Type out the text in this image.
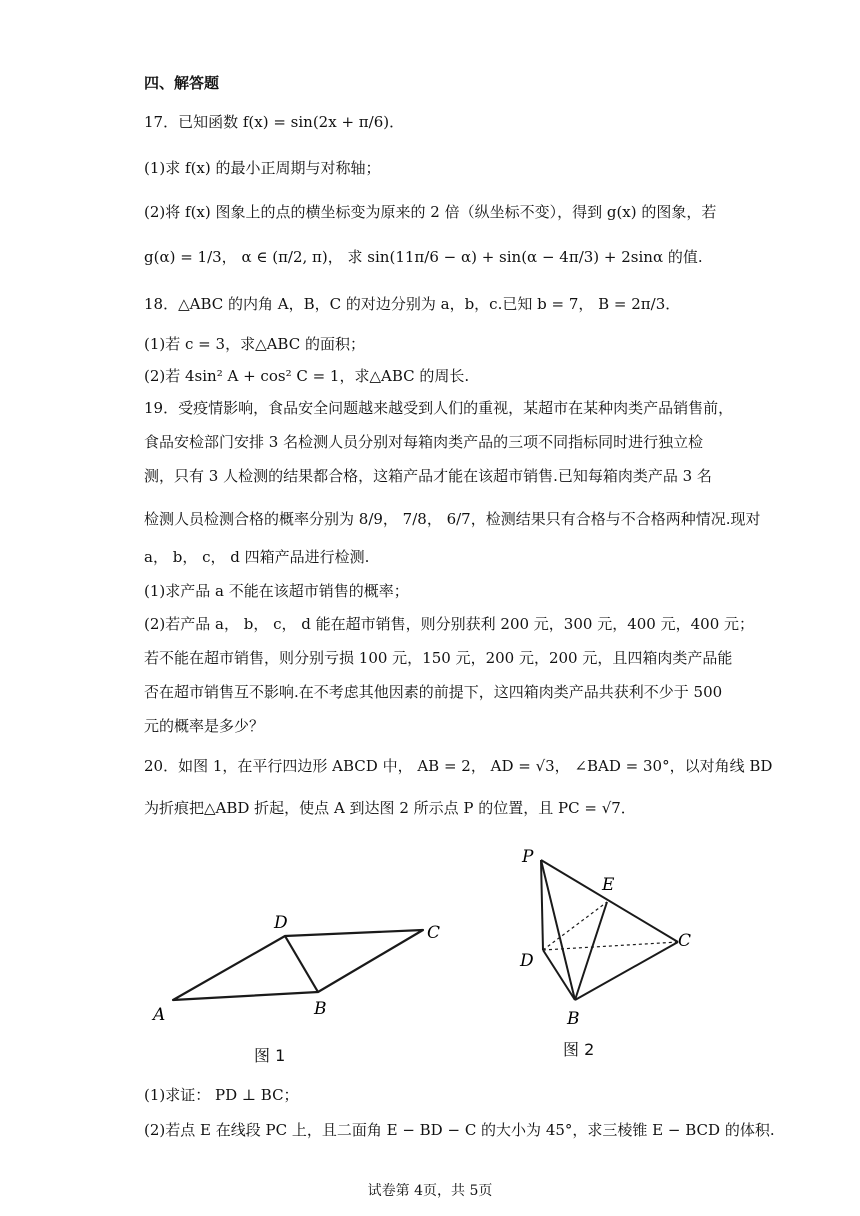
四、解答题
17．已知函数 f(x) = sin(2x + π/6)．
(1)求 f(x) 的最小正周期与对称轴；
(2)将 f(x) 图象上的点的横坐标变为原来的 2 倍（纵坐标不变），得到 g(x) 的图象，若
g(α) = 1/3， α ∈ (π/2, π)， 求 sin(11π/6 − α) + sin(α − 4π/3) + 2sinα 的值.
18．△ABC 的内角 A，B，C 的对边分别为 a，b，c.已知 b = 7， B = 2π/3．
(1)若 c = 3，求△ABC 的面积；
(2)若 4sin² A + cos² C = 1，求△ABC 的周长.
19．受疫情影响，食品安全问题越来越受到人们的重视，某超市在某种肉类产品销售前，
食品安检部门安排 3 名检测人员分别对每箱肉类产品的三项不同指标同时进行独立检
测，只有 3 人检测的结果都合格，这箱产品才能在该超市销售.已知每箱肉类产品 3 名
检测人员检测合格的概率分别为 8/9， 7/8， 6/7，检测结果只有合格与不合格两种情况.现对
a， b， c， d 四箱产品进行检测.
(1)求产品 a 不能在该超市销售的概率；
(2)若产品 a， b， c， d 能在超市销售，则分别获利 200 元，300 元，400 元，400 元；
若不能在超市销售，则分别亏损 100 元，150 元，200 元，200 元，且四箱肉类产品能
否在超市销售互不影响.在不考虑其他因素的前提下，这四箱肉类产品共获利不少于 500
元的概率是多少？
20．如图 1，在平行四边形 ABCD 中， AB = 2， AD = √3， ∠BAD = 30°，以对角线 BD
为折痕把△ABD 折起，使点 A 到达图 2 所示点 P 的位置，且 PC = √7．
D	C
A	B
图 1
P
E
C
D
B
图 2
(1)求证： PD ⊥ BC；
(2)若点 E 在线段 PC 上，且二面角 E − BD − C 的大小为 45°，求三棱锥 E − BCD 的体积.
试卷第 4页，共 5页
